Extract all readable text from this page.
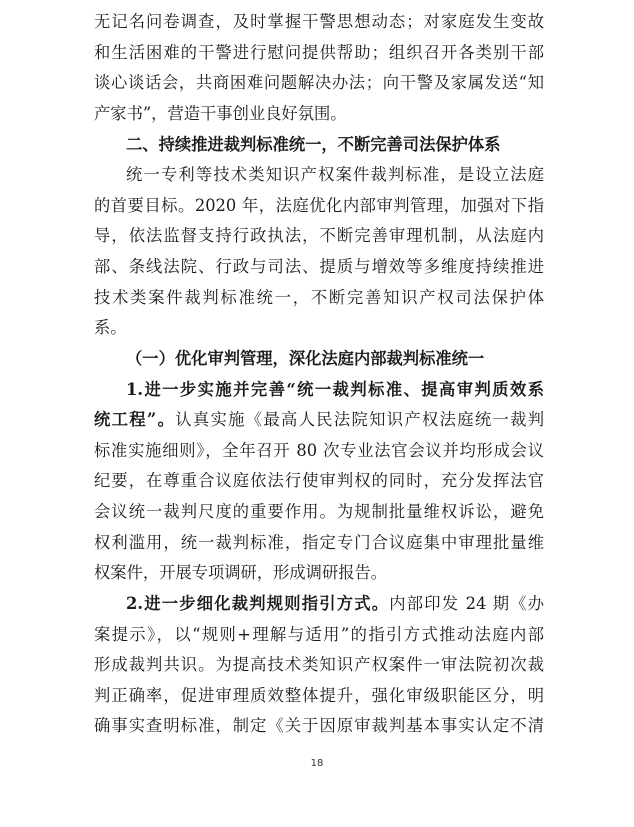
无记名问卷调查，及时掌握干警思想动态；对家庭发生变故
和生活困难的干警进行慰问提供帮助；组织召开各类别干部
谈心谈话会，共商困难问题解决办法；向干警及家属发送“知
产家书”，营造干事创业良好氛围。
二、持续推进裁判标准统一，不断完善司法保护体系
统一专利等技术类知识产权案件裁判标准，是设立法庭
的首要目标。2020 年，法庭优化内部审判管理，加强对下指
导，依法监督支持行政执法，不断完善审理机制，从法庭内
部、条线法院、行政与司法、提质与增效等多维度持续推进
技术类案件裁判标准统一，不断完善知识产权司法保护体
系。
（一）优化审判管理，深化法庭内部裁判标准统一
1.进一步实施并完善“统一裁判标准、提高审判质效系
统工程”。认真实施《最高人民法院知识产权法庭统一裁判
标准实施细则》，全年召开 80 次专业法官会议并均形成会议
纪要，在尊重合议庭依法行使审判权的同时，充分发挥法官
会议统一裁判尺度的重要作用。为规制批量维权诉讼，避免
权利滥用，统一裁判标准，指定专门合议庭集中审理批量维
权案件，开展专项调研，形成调研报告。
2.进一步细化裁判规则指引方式。内部印发 24 期《办
18
案提示》，以“规则+理解与适用”的指引方式推动法庭内部
形成裁判共识。为提高技术类知识产权案件一审法院初次裁
判正确率，促进审理质效整体提升，强化审级职能区分，明
确事实查明标准，制定《关于因原审裁判基本事实认定不清
